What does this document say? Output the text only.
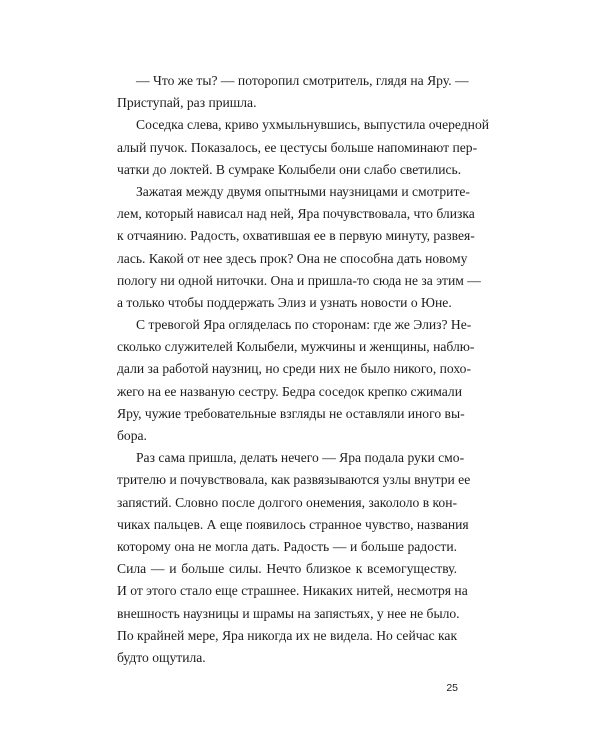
— Что же ты? — поторопил смотритель, глядя на Яру. —
Приступай, раз пришла.
Соседка слева, криво ухмыльнувшись, выпустила очередной
алый пучок. Показалось, ее цестусы больше напоминают пер-
чатки до локтей. В сумраке Колыбели они слабо светились.
Зажатая между двумя опытными наузницами и смотрите-
лем, который нависал над ней, Яра почувствовала, что близка
к отчаянию. Радость, охватившая ее в первую минуту, развея-
лась. Какой от нее здесь прок? Она не способна дать новому
пологу ни одной ниточки. Она и пришла-то сюда не за этим —
а только чтобы поддержать Элиз и узнать новости о Юне.
С тревогой Яра огляделась по сторонам: где же Элиз? Не-
сколько служителей Колыбели, мужчины и женщины, наблю-
дали за работой наузниц, но среди них не было никого, похо-
жего на ее названую сестру. Бедра соседок крепко сжимали
Яру, чужие требовательные взгляды не оставляли иного вы-
бора.
Раз сама пришла, делать нечего — Яра подала руки смо-
трителю и почувствовала, как развязываются узлы внутри ее
запястий. Словно после долгого онемения, закололо в кон-
чиках пальцев. А еще появилось странное чувство, названия
которому она не могла дать. Радость — и больше радости.
Сила — и больше силы. Нечто близкое к всемогуществу.
И от этого стало еще страшнее. Никаких нитей, несмотря на
внешность наузницы и шрамы на запястьях, у нее не было.
По крайней мере, Яра никогда их не видела. Но сейчас как
будто ощутила.
25
